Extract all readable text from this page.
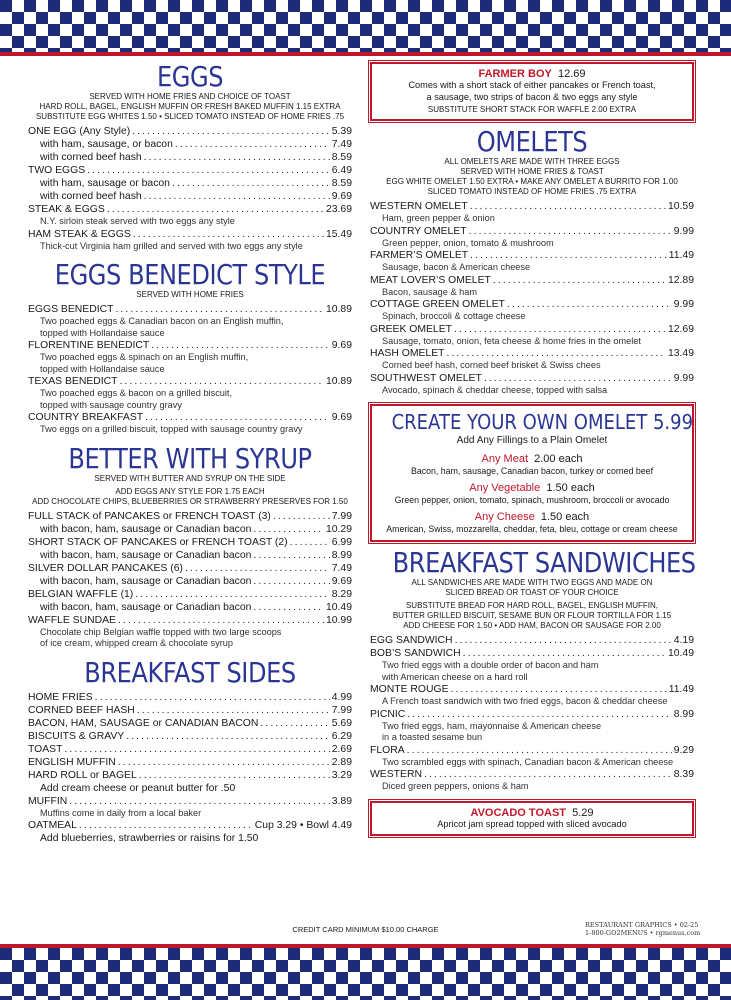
EGGS
SERVED WITH HOME FRIES AND CHOICE OF TOAST
HARD ROLL, BAGEL, ENGLISH MUFFIN OR FRESH BAKED MUFFIN 1.15 EXTRA
SUBSTITUTE EGG WHITES 1.50 • SLICED TOMATO INSTEAD OF HOME FRIES .75
ONE EGG (Any Style) . . .	5.39
with ham, sausage, or bacon . . .	7.49
with corned beef hash . . .	8.59
TWO EGGS . . .	6.49
with ham, sausage or bacon . . .	8.59
with corned beef hash . . .	9.69
STEAK & EGGS . . .	23.69
N.Y. sirloin steak served with two eggs any style
HAM STEAK & EGGS . . .	15.49
Thick-cut Virginia ham grilled and served with two eggs any style
EGGS BENEDICT STYLE
SERVED WITH HOME FRIES
EGGS BENEDICT . . .	10.89
Two poached eggs & Canadian bacon on an English muffin,
topped with Hollandaise sauce
FLORENTINE BENEDICT . . .	9.69
Two poached eggs & spinach on an English muffin,
topped with Hollandaise sauce
TEXAS BENEDICT . . .	10.89
Two poached eggs & bacon on a grilled biscuit,
topped with sausage country gravy
COUNTRY BREAKFAST . . .	9.69
Two eggs on a grilled biscuit, topped with sausage country gravy
BETTER WITH SYRUP
SERVED WITH BUTTER AND SYRUP ON THE SIDE
ADD EGGS ANY STYLE FOR 1.75 EACH
ADD CHOCOLATE CHIPS, BLUEBERRIES OR STRAWBERRY PRESERVES FOR 1.50
FULL STACK of PANCAKES or FRENCH TOAST (3) . . .	7.99
with bacon, ham, sausage or Canadian bacon . . .	10.29
SHORT STACK OF PANCAKES or FRENCH TOAST (2) . . .	6.99
with bacon, ham, sausage or Canadian bacon . . .	8.99
SILVER DOLLAR PANCAKES (6) . . .	7.49
with bacon, ham, sausage or Canadian bacon . . .	9.69
BELGIAN WAFFLE (1) . . .	8.29
with bacon, ham, sausage or Canadian bacon . . .	10.49
WAFFLE SUNDAE . . .	10.99
Chocolate chip Belgian waffle topped with two large scoops
of ice cream, whipped cream & chocolate syrup
BREAKFAST SIDES
HOME FRIES . . .	4.99
CORNED BEEF HASH . . .	7.99
BACON, HAM, SAUSAGE or CANADIAN BACON . . .	5.69
BISCUITS & GRAVY . . .	6.29
TOAST . . .	2.69
ENGLISH MUFFIN . . .	2.89
HARD ROLL or BAGEL . . .	3.29
Add cream cheese or peanut butter for .50
MUFFIN . . .	3.89
Muffins come in daily from a local baker
OATMEAL . . .	Cup 3.29 • Bowl 4.49
Add blueberries, strawberries or raisins for 1.50
FARMER BOY 12.69
Comes with a short stack of either pancakes or French toast,
a sausage, two strips of bacon & two eggs any style
SUBSTITUTE SHORT STACK FOR WAFFLE 2.00 EXTRA
OMELETS
ALL OMELETS ARE MADE WITH THREE EGGS
SERVED WITH HOME FRIES & TOAST
EGG WHITE OMELET 1.50 EXTRA • MAKE ANY OMELET A BURRITO FOR 1.00
SLICED TOMATO INSTEAD OF HOME FRIES .75 EXTRA
WESTERN OMELET . . .	10.59
Ham, green pepper & onion
COUNTRY OMELET . . .	9.99
Green pepper, onion, tomato & mushroom
FARMER’S OMELET . . .	11.49
Sausage, bacon & American cheese
MEAT LOVER’S OMELET . . .	12.89
Bacon, sausage & ham
COTTAGE GREEN OMELET . . .	9.99
Spinach, broccoli & cottage cheese
GREEK OMELET . . .	12.69
Sausage, tomato, onion, feta cheese & home fries in the omelet
HASH OMELET . . .	13.49
Corned beef hash, corned beef brisket & Swiss chees
SOUTHWEST OMELET . . .	9.99
Avocado, spinach & cheddar cheese, topped with salsa
CREATE YOUR OWN OMELET 5.99
Add Any Fillings to a Plain Omelet
Any Meat 2.00 each
Bacon, ham, sausage, Canadian bacon, turkey or corned beef
Any Vegetable 1.50 each
Green pepper, onion, tomato, spinach, mushroom, broccoli or avocado
Any Cheese 1.50 each
American, Swiss, mozzarella, cheddar, feta, bleu, cottage or cream cheese
BREAKFAST SANDWICHES
ALL SANDWICHES ARE MADE WITH TWO EGGS AND MADE ON
SLICED BREAD OR TOAST OF YOUR CHOICE
SUBSTITUTE BREAD FOR HARD ROLL, BAGEL, ENGLISH MUFFIN,
BUTTER GRILLED BISCUIT, SESAME BUN OR FLOUR TORTILLA FOR 1.15
ADD CHEESE FOR 1.50 • ADD HAM, BACON OR SAUSAGE FOR 2.00
EGG SANDWICH . . .	4.19
BOB’S SANDWICH . . .	10.49
Two fried eggs with a double order of bacon and ham
with American cheese on a hard roll
MONTE ROUGE . . .	11.49
A French toast sandwich with two fried eggs, bacon & cheddar cheese
PICNIC . . .	8.99
Two fried eggs, ham, mayonnaise & American cheese
in a toasted sesame bun
FLORA . . .	9.29
Two scrambled eggs with spinach, Canadian bacon & American cheese
WESTERN . . .	8.39
Diced green peppers, onions & ham
AVOCADO TOAST 5.29
Apricot jam spread topped with sliced avocado
CREDIT CARD MINIMUM $10.00 CHARGE	RESTAURANT GRAPHICS • 02-25
1-800-GO2MENUS • rgmenus.com
